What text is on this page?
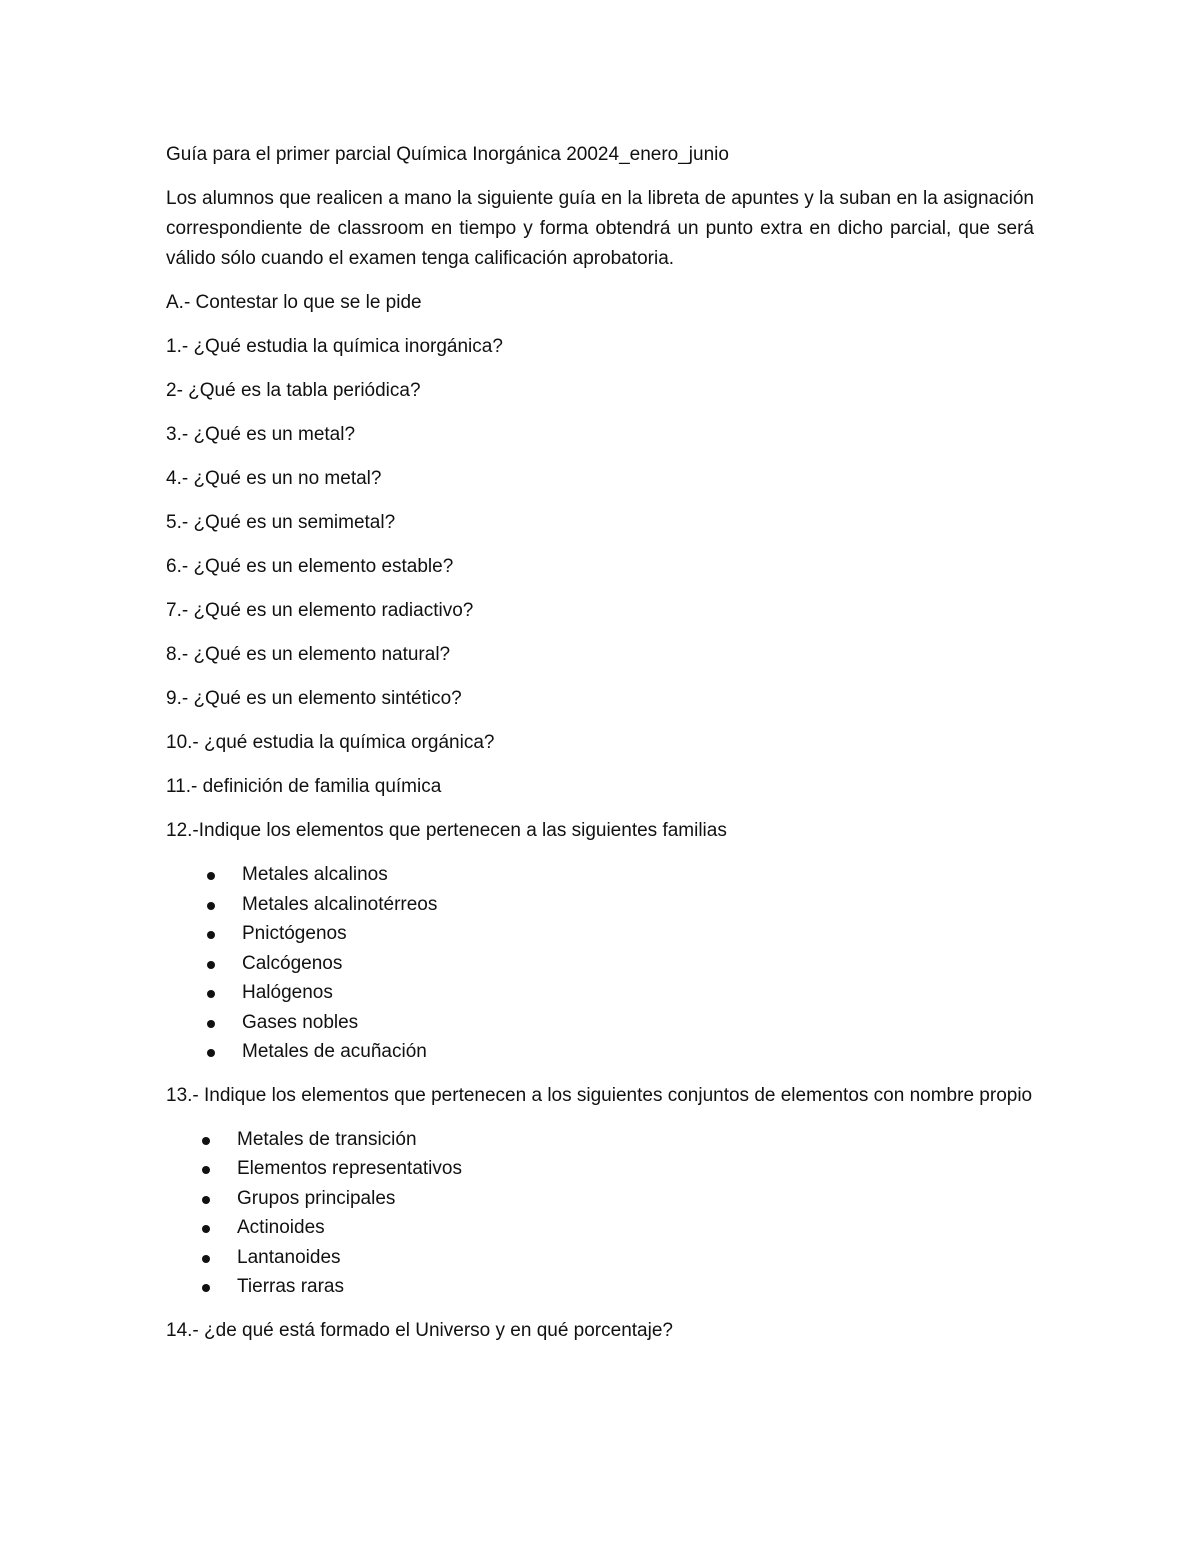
Guía para el primer parcial Química Inorgánica 20024_enero_junio

Los alumnos que realicen a mano la siguiente guía en la libreta de apuntes y la suban en la asignación correspondiente de classroom en tiempo y forma obtendrá un punto extra en dicho parcial, que será válido sólo cuando el examen tenga calificación aprobatoria.

A.- Contestar lo que se le pide

1.- ¿Qué estudia la química inorgánica?

2- ¿Qué es la tabla periódica?

3.- ¿Qué es un metal?

4.- ¿Qué es un no metal?

5.- ¿Qué es un semimetal?

6.- ¿Qué es un elemento estable?

7.- ¿Qué es un elemento radiactivo?

8.- ¿Qué es un elemento natural?

9.- ¿Qué es un elemento sintético?

10.- ¿qué estudia la química orgánica?

11.- definición de familia química

12.-Indique los elementos que pertenecen a las siguientes familias

Metales alcalinos
Metales alcalinotérreos
Pnictógenos
Calcógenos
Halógenos
Gases nobles
Metales de acuñación

13.- Indique los elementos que pertenecen a los siguientes conjuntos de elementos con nombre propio

Metales de transición
Elementos representativos
Grupos principales
Actinoides
Lantanoides
Tierras raras

14.- ¿de qué está formado el Universo y en qué porcentaje?
